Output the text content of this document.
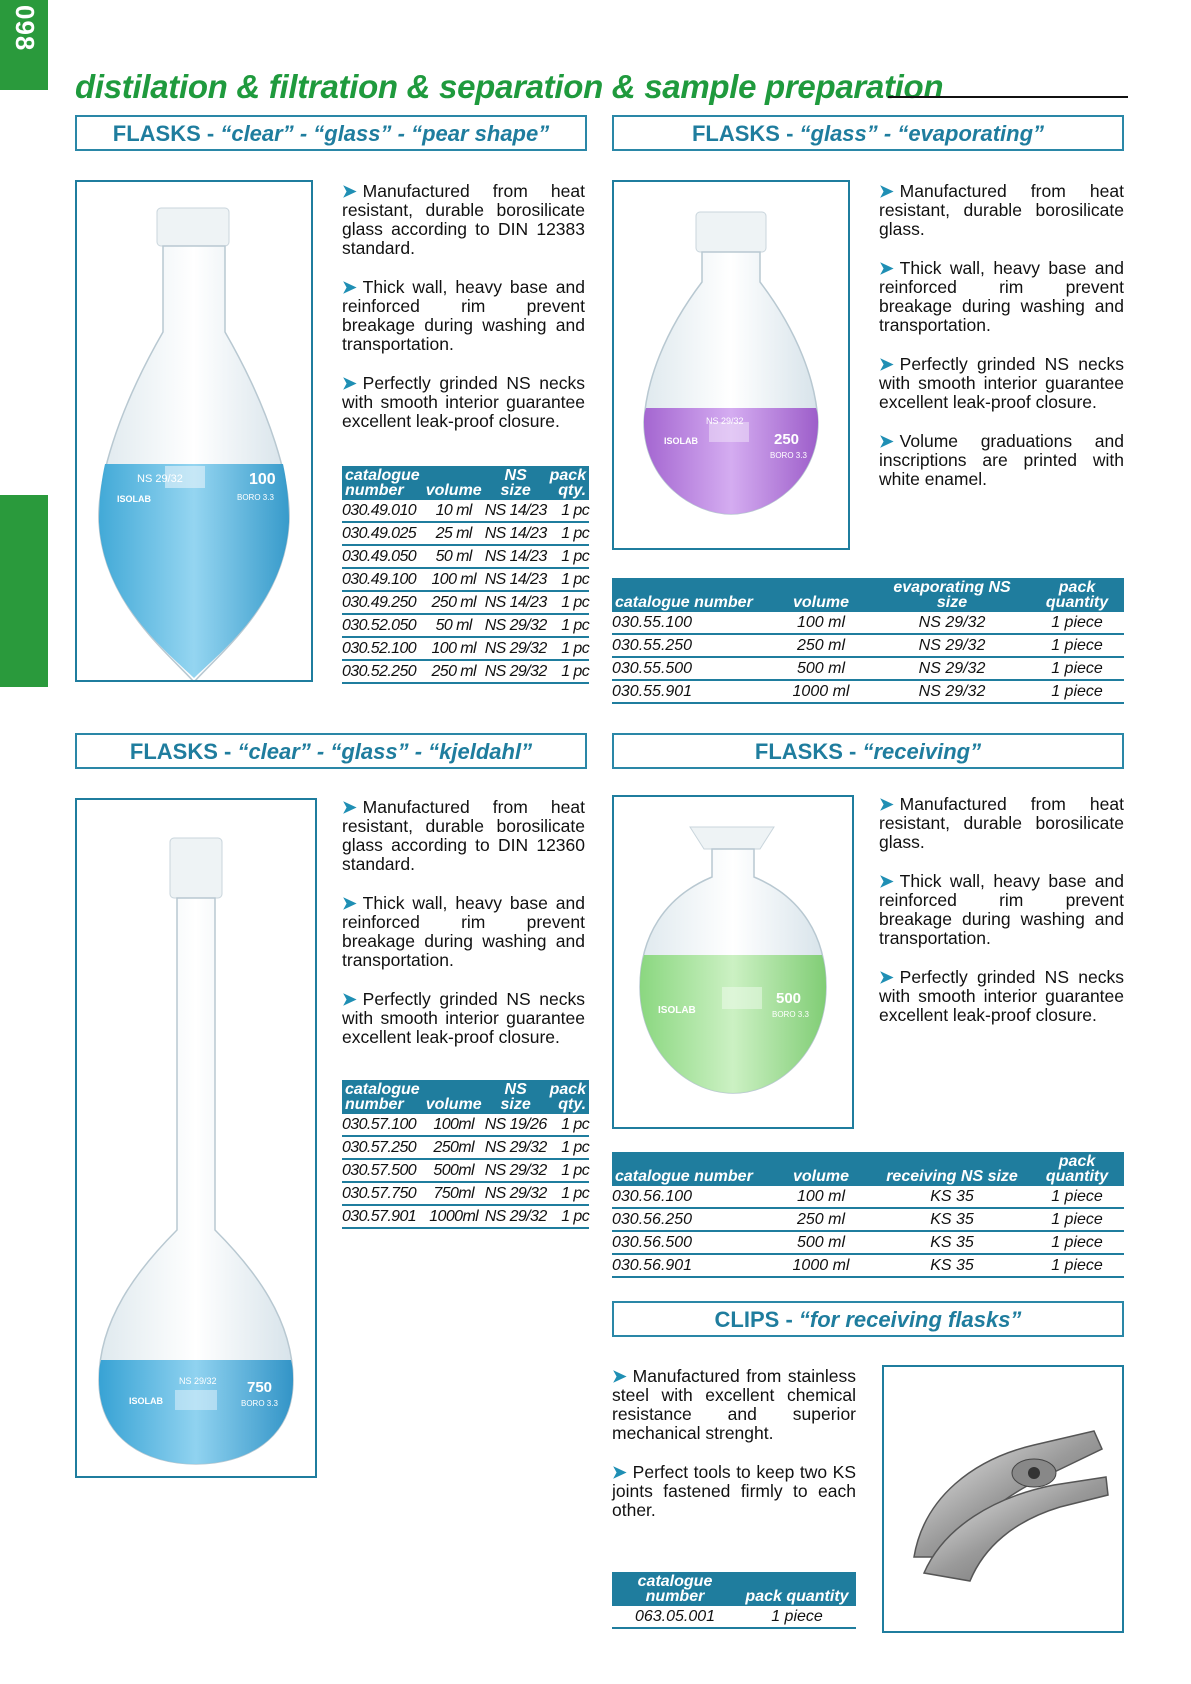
098
distilation & filtration & separation & sample preparation
FLASKS - “clear” - “glass” - “pear shape”
NS 29/32
ISOLAB
100
BORO 3.3

➤ Manufactured from heat resistant, durable borosilicate glass according to DIN 12383 standard.

➤ Thick wall, heavy base and reinforced rim prevent breakage during washing and transportation.

➤ Perfectly grinded NS necks with smooth interior guarantee excellent leak-proof closure.

catalogue number	volume	NS size	pack qty.
030.49.010	10 ml	NS 14/23	1 pc
030.49.025	25 ml	NS 14/23	1 pc
030.49.050	50 ml	NS 14/23	1 pc
030.49.100	100 ml	NS 14/23	1 pc
030.49.250	250 ml	NS 14/23	1 pc
030.52.050	50 ml	NS 29/32	1 pc
030.52.100	100 ml	NS 29/32	1 pc
030.52.250	250 ml	NS 29/32	1 pc
FLASKS - “glass” - “evaporating”
NS 29/32
ISOLAB	250
BORO 3.3

➤ Manufactured from heat resistant, durable borosilicate glass.

➤ Thick wall, heavy base and reinforced rim prevent breakage during washing and transportation.

➤ Perfectly grinded NS necks with smooth interior guarantee excellent leak-proof closure.

➤ Volume graduations and inscriptions are printed with white enamel.

catalogue number	volume	evaporating NS size	pack quantity
030.55.100	100 ml	NS 29/32	1 piece
030.55.250	250 ml	NS 29/32	1 piece
030.55.500	500 ml	NS 29/32	1 piece
030.55.901	1000 ml	NS 29/32	1 piece
FLASKS - “clear” - “glass” - “kjeldahl”
NS 29/32
ISOLAB
750
BORO 3.3

➤ Manufactured from heat resistant, durable borosilicate glass according to DIN 12360 standard.

➤ Thick wall, heavy base and reinforced rim prevent breakage during washing and transportation.

➤ Perfectly grinded NS necks with smooth interior guarantee excellent leak-proof closure.

catalogue number	volume	NS size	pack qty.
030.57.100	100ml	NS 19/26	1 pc
030.57.250	250ml	NS 29/32	1 pc
030.57.500	500ml	NS 29/32	1 pc
030.57.750	750ml	NS 29/32	1 pc
030.57.901	1000ml	NS 29/32	1 pc
FLASKS - “receiving”
ISOLAB
500
BORO 3.3

➤ Manufactured from heat resistant, durable borosilicate glass.

➤ Thick wall, heavy base and reinforced rim prevent breakage during washing and transportation.

➤ Perfectly grinded NS necks with smooth interior guarantee excellent leak-proof closure.

catalogue number	volume	receiving NS size	pack quantity
030.56.100	100 ml	KS 35	1 piece
030.56.250	250 ml	KS 35	1 piece
030.56.500	500 ml	KS 35	1 piece
030.56.901	1000 ml	KS 35	1 piece
CLIPS - “for receiving flasks”

➤ Manufactured from stainless steel with excellent chemical resistance and superior mechanical strenght.

➤ Perfect tools to keep two KS joints fastened firmly to each other.

catalogue number	pack quantity
063.05.001	1 piece
